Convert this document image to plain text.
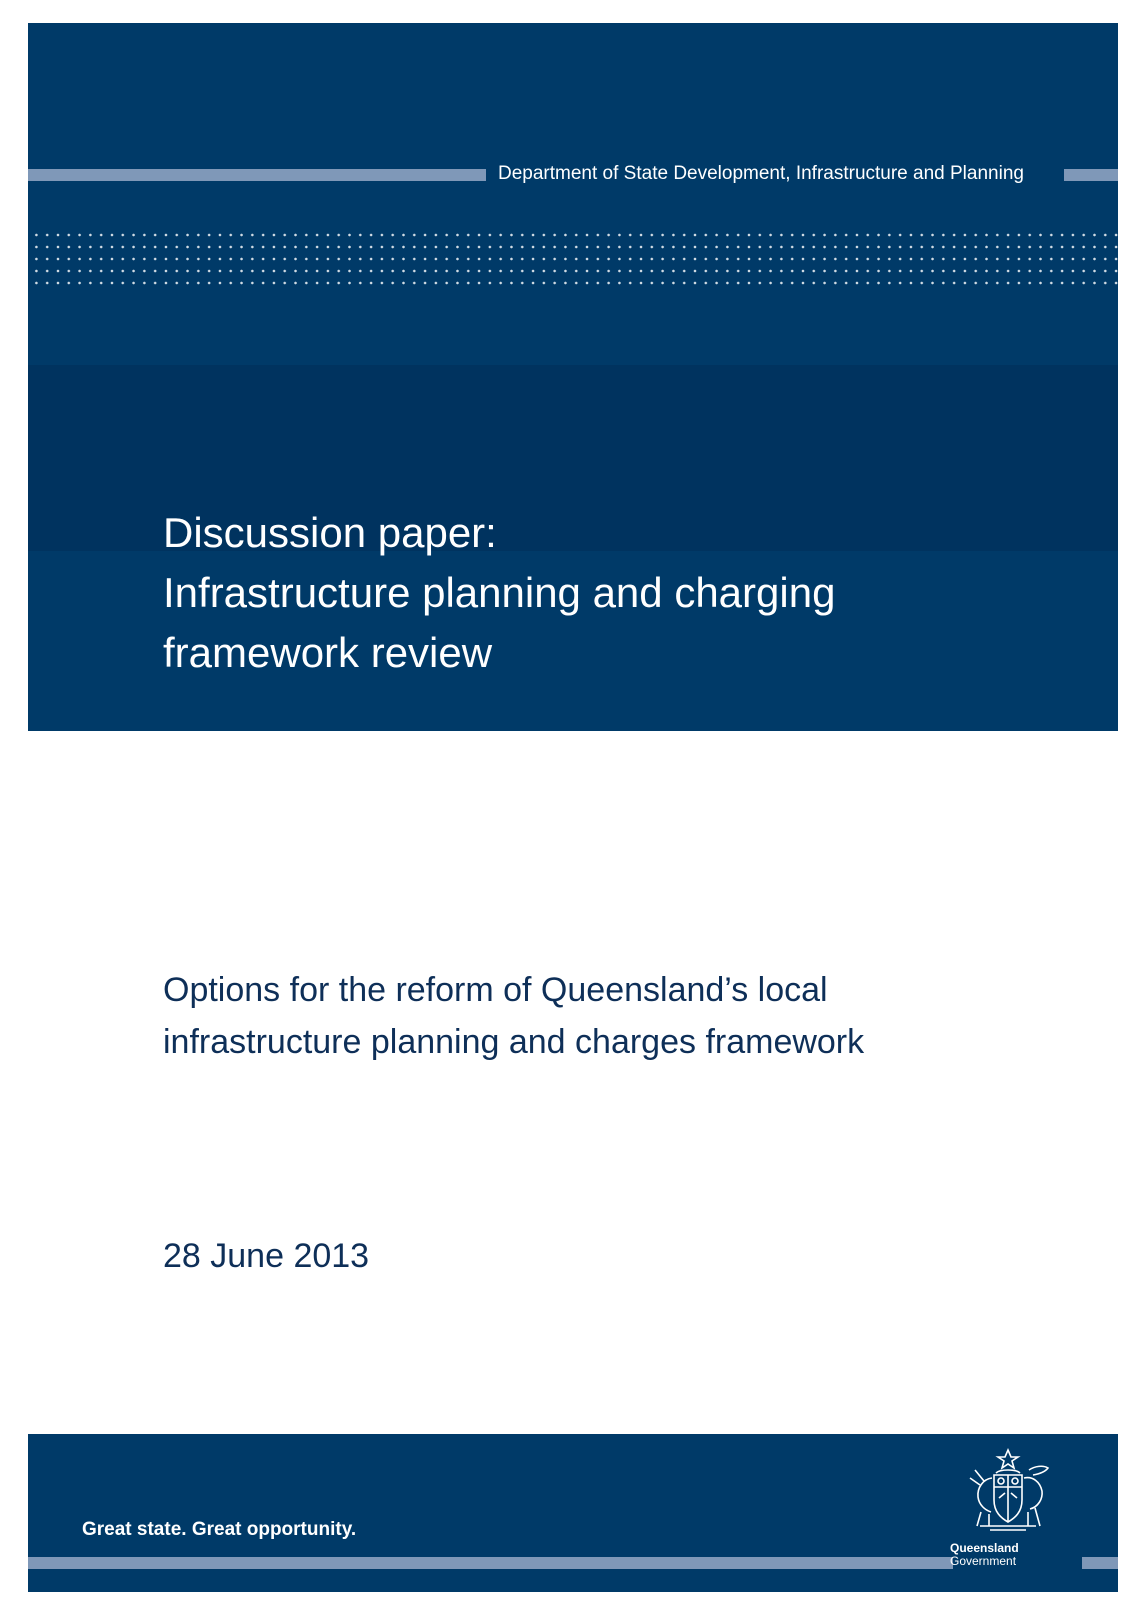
Department of State Development, Infrastructure and Planning
Discussion paper:
Infrastructure planning and charging
framework review
Options for the reform of Queensland’s local
infrastructure planning and charges framework
28 June 2013
Great state. Great opportunity.
Queensland
Government
